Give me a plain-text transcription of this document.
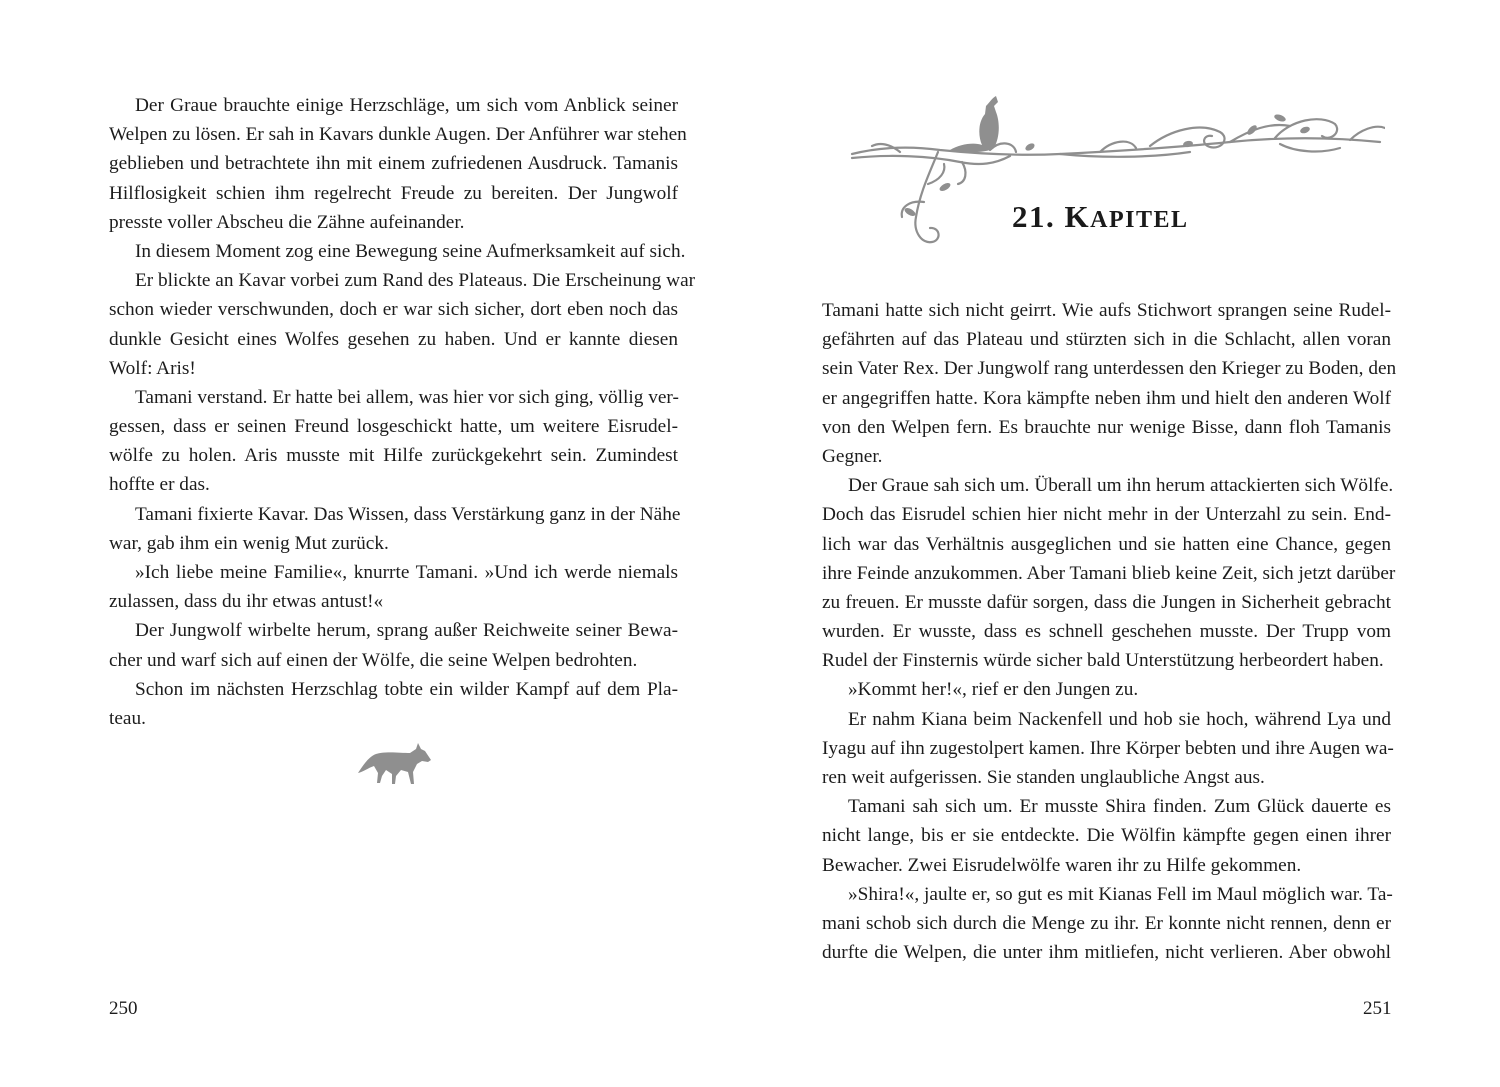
Der Graue brauchte einige Herzschläge, um sich vom Anblick seiner
Welpen zu lösen. Er sah in Kavars dunkle Augen. Der Anführer war stehen
geblieben und betrachtete ihn mit einem zufriedenen Ausdruck. Tamanis
Hilflosigkeit schien ihm regelrecht Freude zu bereiten. Der Jungwolf
presste voller Abscheu die Zähne aufeinander.
In diesem Moment zog eine Bewegung seine Aufmerksamkeit auf sich.
Er blickte an Kavar vorbei zum Rand des Plateaus. Die Erscheinung war
schon wieder verschwunden, doch er war sich sicher, dort eben noch das
dunkle Gesicht eines Wolfes gesehen zu haben. Und er kannte diesen
Wolf: Aris!
Tamani verstand. Er hatte bei allem, was hier vor sich ging, völlig ver-
gessen, dass er seinen Freund losgeschickt hatte, um weitere Eisrudel-
wölfe zu holen. Aris musste mit Hilfe zurückgekehrt sein. Zumindest
hoffte er das.
Tamani fixierte Kavar. Das Wissen, dass Verstärkung ganz in der Nähe
war, gab ihm ein wenig Mut zurück.
»Ich liebe meine Familie«, knurrte Tamani. »Und ich werde niemals
zulassen, dass du ihr etwas antust!«
Der Jungwolf wirbelte herum, sprang außer Reichweite seiner Bewa-
cher und warf sich auf einen der Wölfe, die seine Welpen bedrohten.
Schon im nächsten Herzschlag tobte ein wilder Kampf auf dem Pla-
teau.
250
21. KAPITEL
Tamani hatte sich nicht geirrt. Wie aufs Stichwort sprangen seine Rudel-
gefährten auf das Plateau und stürzten sich in die Schlacht, allen voran
sein Vater Rex. Der Jungwolf rang unterdessen den Krieger zu Boden, den
er angegriffen hatte. Kora kämpfte neben ihm und hielt den anderen Wolf
von den Welpen fern. Es brauchte nur wenige Bisse, dann floh Tamanis
Gegner.
Der Graue sah sich um. Überall um ihn herum attackierten sich Wölfe.
Doch das Eisrudel schien hier nicht mehr in der Unterzahl zu sein. End-
lich war das Verhältnis ausgeglichen und sie hatten eine Chance, gegen
ihre Feinde anzukommen. Aber Tamani blieb keine Zeit, sich jetzt darüber
zu freuen. Er musste dafür sorgen, dass die Jungen in Sicherheit gebracht
wurden. Er wusste, dass es schnell geschehen musste. Der Trupp vom
Rudel der Finsternis würde sicher bald Unterstützung herbeordert haben.
»Kommt her!«, rief er den Jungen zu.
Er nahm Kiana beim Nackenfell und hob sie hoch, während Lya und
Iyagu auf ihn zugestolpert kamen. Ihre Körper bebten und ihre Augen wa-
ren weit aufgerissen. Sie standen unglaubliche Angst aus.
Tamani sah sich um. Er musste Shira finden. Zum Glück dauerte es
nicht lange, bis er sie entdeckte. Die Wölfin kämpfte gegen einen ihrer
Bewacher. Zwei Eisrudelwölfe waren ihr zu Hilfe gekommen.
»Shira!«, jaulte er, so gut es mit Kianas Fell im Maul möglich war. Ta-
mani schob sich durch die Menge zu ihr. Er konnte nicht rennen, denn er
durfte die Welpen, die unter ihm mitliefen, nicht verlieren. Aber obwohl
251
